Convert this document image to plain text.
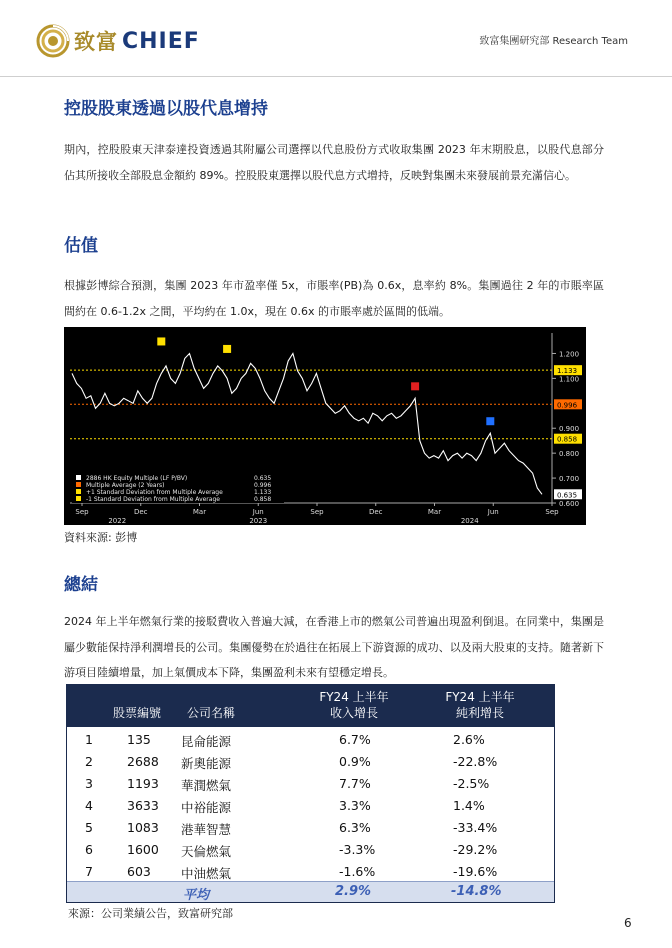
致富 CHIEF	致富集團研究部 Research Team
控股股東透過以股代息增持
期內，控股股東天津泰達投資透過其附屬公司選擇以代息股份方式收取集團 2023 年末期股息，以股代息部分佔其所接收全部股息金額約 89%。控股股東選擇以股代息方式增持，反映對集團未來發展前景充滿信心。
估值
根據彭博綜合預測，集團 2023 年市盈率僅 5x，市賬率(PB)為 0.6x，息率約 8%。集團過往 2 年的市賬率區間約在 0.6-1.2x 之間，平均約在 1.0x，現在 0.6x 的市賬率處於區間的低端。
1.200
1.100
0.900
0.800
0.700
0.600
1.133
0.996
0.858
Sep	Dec	Mar	Jun	Sep	Dec	Mar	Jun	Sep
2022	2023	2024
0.635
2886 HK Equity Multiple (LF P/BV)	0.635
Multiple Average (2 Years)	0.996
+1 Standard Deviation from Multiple Average	1.133
-1 Standard Deviation from Multiple Average	0.858
資料來源: 彭博
總結
2024 年上半年燃氣行業的接駁費收入普遍大減，在香港上市的燃氣公司普遍出現盈利倒退。在同業中，集團是屬少數能保持淨利潤增長的公司。集團優勢在於過往在拓展上下游資源的成功、以及兩大股東的支持。隨著新下游項目陸續增量，加上氣價成本下降，集團盈利未來有望穩定增長。
股票編號	公司名稱
FY24 上半年
收入增長
FY24 上半年
純利增長
1	135 昆侖能源	6.7%	2.6%
2	2688 新奧能源	0.9%	-22.8%
3	1193 華潤燃氣	7.7%	-2.5%
4	3633 中裕能源	3.3%	1.4%
5	1083 港華智慧	6.3%	-33.4%
6	1600 天倫燃氣	-3.3%	-29.2%
7	603 中油燃氣	-1.6%	-19.6%
平均	2.9%	-14.8%
來源：公司業績公告，致富研究部
6
